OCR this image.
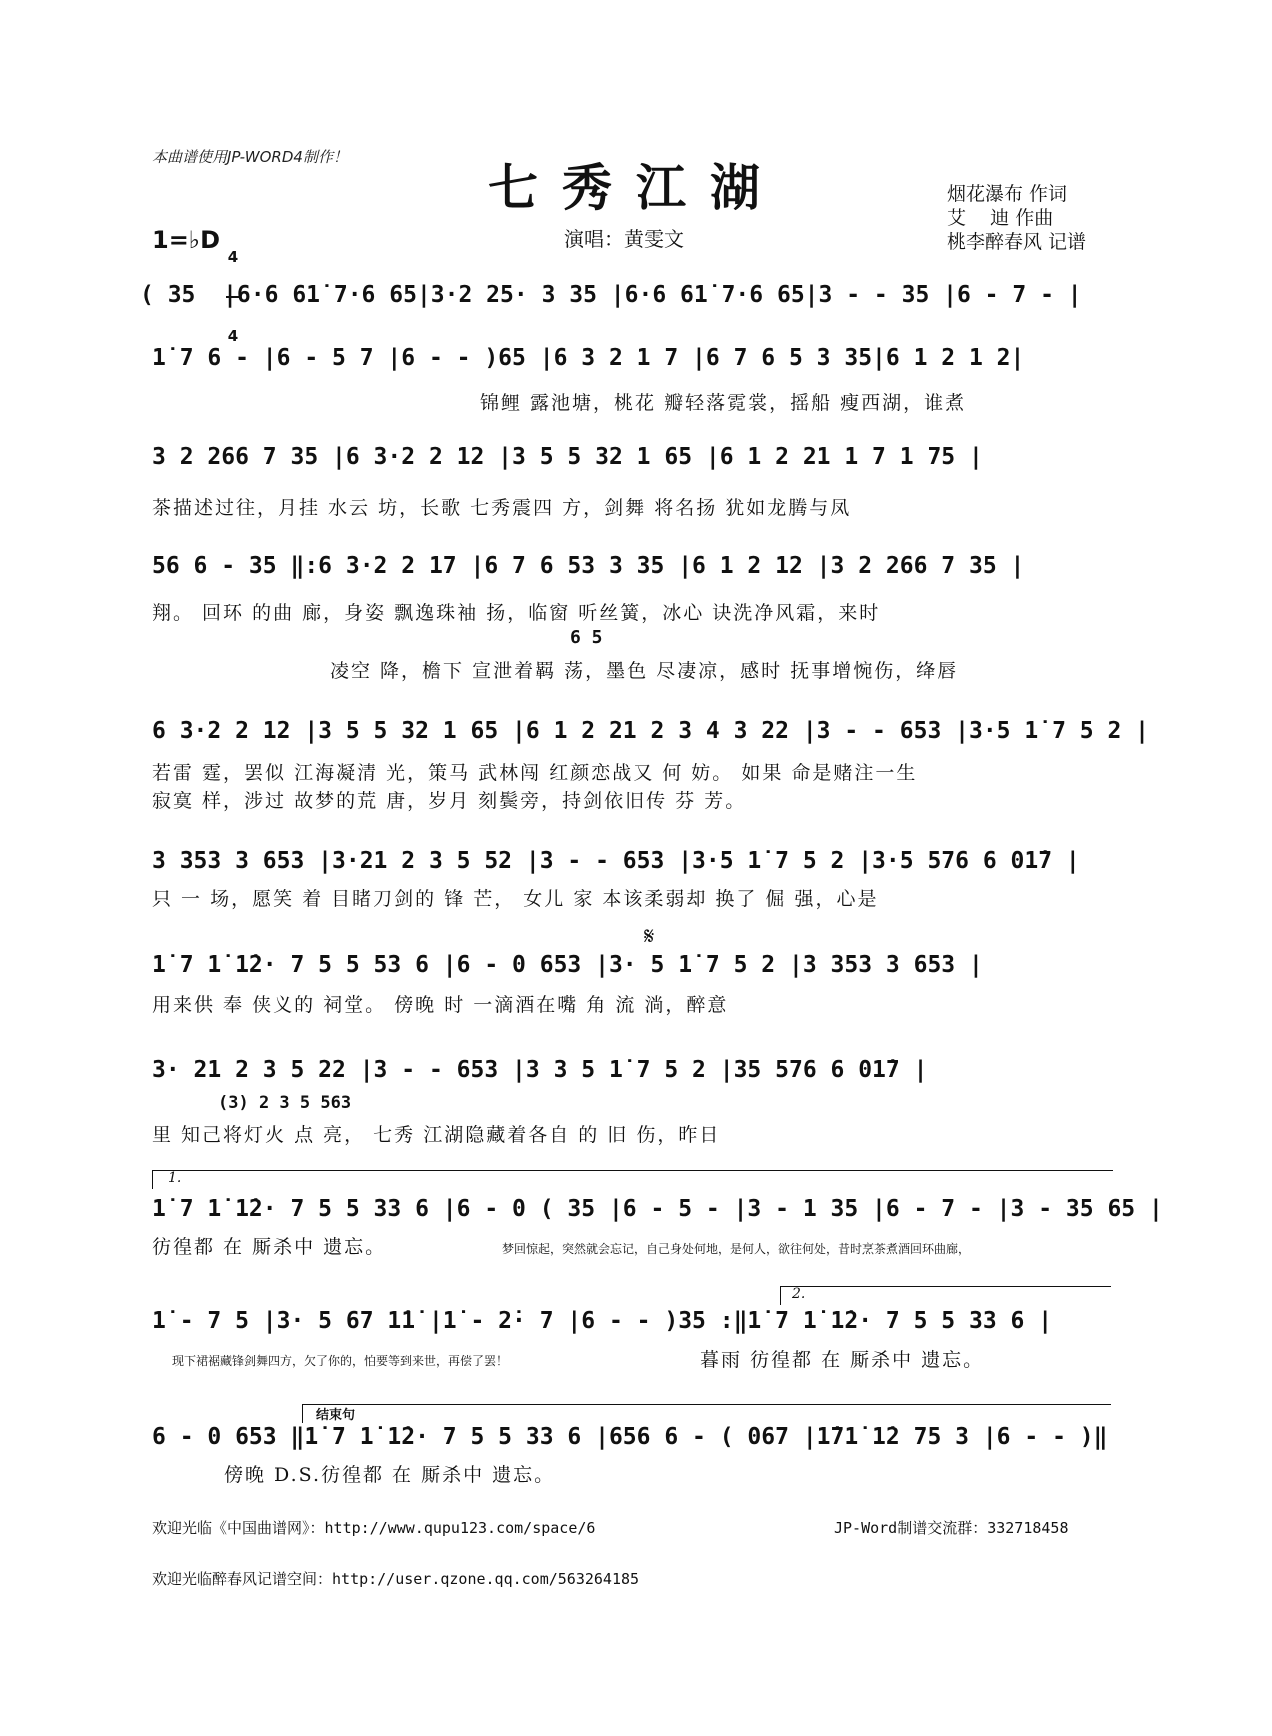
本曲谱使用JP-WORD4制作！
七秀江湖
演唱：黄雯文
烟花瀑布 作词
艾    迪 作曲
桃李醉春风 记谱
1=♭D

4

4

( 35  |6·6 61̇ 7·6 65|3·2 25· 3 35 |6·6 61̇ 7·6 65|3 - - 35 |6 - 7 - |
1̇ 7 6 - |6 - 5 7 |6 - - )65 |6 3 2 1 7 |6 7 6 5 3 35|6 1 2 1 2|
锦鲤 露池塘，桃花 瓣轻落霓裳，摇船 瘦西湖，谁煮
3 2 266 7 35 |6 3·2 2 12 |3 5 5 32 1 65 |6 1 2 21 1 7 1 75 |
茶描述过往，月挂 水云 坊，长歌 七秀震四 方，剑舞 将名扬 犹如龙腾与凤
56 6 - 35 ‖:6 3·2 2 17 |6 7 6 53 3 35 |6 1 2 12 |3 2 266 7 35 |
翔。 回环 的曲 廊，身姿 飘逸珠袖 扬，临窗 听丝簧，冰心 诀洗净风霜，来时
6 5
凌空 降，檐下 宣泄着羁 荡，墨色 尽凄凉，感时 抚事增惋伤，绛唇
6 3·2 2 12 |3 5 5 32 1 65 |6 1 2 21 2 3 4 3 22 |3 - - 653 |3·5 1̇ 7 5 2 |
若雷 霆，罢似 江海凝清 光，策马 武林闯 红颜恋战又 何 妨。 如果 命是赌注一生
寂寞 样，涉过 故梦的荒 唐，岁月 刻鬓旁，持剑依旧传 芬 芳。
3 353 3 653 |3·21 2 3 5 52 |3 - - 653 |3·5 1̇ 7 5 2 |3·5 576 6 01̇7 |
只 一 场，愿笑 着 目睹刀剑的 锋 芒， 女儿 家 本该柔弱却 换了 倔 强，心是
𝄋
1̇ 7 1̇ 1̇2· 7 5 5 53 6 |6 - 0 653 |3· 5 1̇ 7 5 2 |3 353 3 653 |
用来供 奉 侠义的 祠堂。 傍晚 时 一滴酒在嘴 角 流 淌，醉意
3· 21 2 3 5 22 |3 - - 653 |3 3 5 1̇ 7 5 2 |35 576 6 01̇7 |
(3) 2 3 5 563
里 知己将灯火 点 亮， 七秀 江湖隐藏着各自 的 旧 伤，昨日
1.
1̇ 7 1̇ 1̇2· 7 5 5 33 6 |6 - 0 ( 35 |6 - 5 - |3 - 1 35 |6 - 7 - |3 - 35 65 |
彷徨都 在 厮杀中 遗忘。	梦回惊起，突然就会忘记，自己身处何地，是何人，欲往何处，昔时烹茶煮酒回环曲廊，
2.
1̇ - 7 5 |3· 5 67 1̇1̇ |1̇ - 2̇· 7 |6 - - )35 :‖1̇ 7 1̇ 1̇2· 7 5 5 33 6 |
现下裙裾藏锋剑舞四方，欠了你的，怕要等到来世，再偿了罢！	暮雨 彷徨都 在 厮杀中 遗忘。
结束句
6 - 0 653 ‖1̇ 7 1̇ 1̇2· 7 5 5 33 6 |656 6 - ( 067 |1̇71̇ 1̇2 75 3 |6 - - )‖
傍晚 D.S.彷徨都 在 厮杀中 遗忘。
欢迎光临《中国曲谱网》：http://www.qupu123.com/space/6	JP-Word制谱交流群：332718458
欢迎光临醉春风记谱空间：http://user.qzone.qq.com/563264185
